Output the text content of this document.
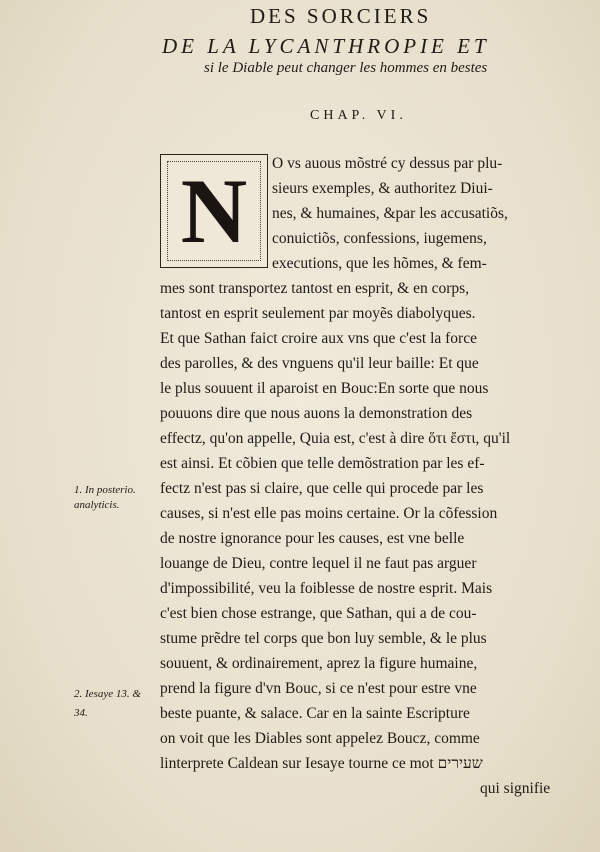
DES SORCIERS
DE LA LYCANTHROPIE ET
si le Diable peut changer les hommes en bestes
CHAP. VI.
N	O vs auous mõstré cy dessus par plu-
sieurs exemples, & authoritez Diui-
nes, & humaines, &par les accusatiõs,
conuictiõs, confessions, iugemens,
executions, que les hõmes, & fem-
mes sont transportez tantost en esprit, & en corps,
tantost en esprit seulement par moyẽs diabolyques.
Et que Sathan faict croire aux vns que c'est la force
des parolles, & des vnguens qu'il leur baille: Et que
le plus souuent il aparoist en Bouc:En sorte que nous
pouuons dire que nous auons la demonstration des
effectz, qu'on appelle, Quia est, c'est à dire ὅτι ἔστι, qu'il
est ainsi. Et cõbien que telle demõstration par les ef-
fectz n'est pas si claire, que celle qui procede par les
causes, si n'est elle pas moins certaine. Or la cõfession
de nostre ignorance pour les causes, est vne belle
louange de Dieu, contre lequel il ne faut pas arguer
d'impossibilité, veu la foiblesse de nostre esprit. Mais
c'est bien chose estrange, que Sathan, qui a de cou-
stume prẽdre tel corps que bon luy semble, & le plus
souuent, & ordinairement, aprez la figure humaine,
prend la figure d'vn Bouc, si ce n'est pour estre vne
beste puante, & salace. Car en la sainte Escripture
on voit que les Diables sont appelez Boucz, comme
linterprete Caldean sur Iesaye tourne ce mot שעירים
qui signifie
1. In posterio.
analyticis.
2. Iesaye 13. &
34.
